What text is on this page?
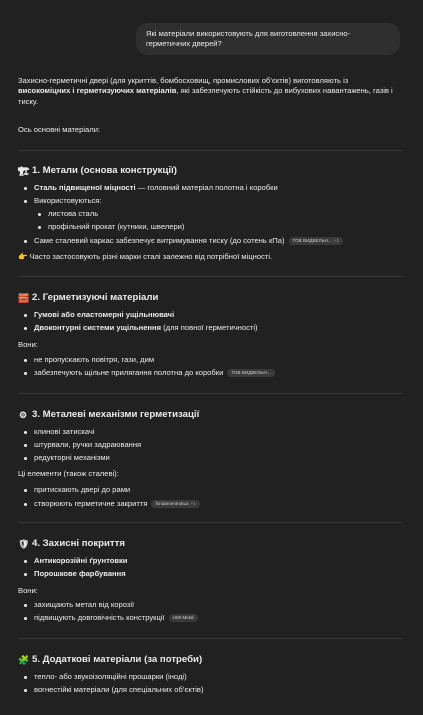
Які матеріали використовують для виготовлення захисно-герметичних дверей?
Захисно-герметичні двері (для укриттів, бомбосховищ, промислових об’єктів) виготовляють із високоміцних і герметизуючих матеріалів, які забезпечують стійкість до вибухових навантажень, газів і тиску.
Ось основні матеріали:
🏗 1. Метали (основа конструкції)
Сталь підвищеної міцності — головний матеріал полотна і коробки
Використовуються:
листова сталь
профільний прокат (кутники, швелери)
Саме сталевий каркас забезпечує витримування тиску (до сотень кПа) ТОВ ВИДВЕЛЬН... +1
👉 Часто застосовують різні марки сталі залежно від потрібної міцності.
🧱 2. Герметизуючі матеріали
Гумові або еластомерні ущільнювачі
Двоконтурні системи ущільнення (для повної герметичності)
Вони:
не пропускають повітря, гази, дим
забезпечують щільне прилягання полотна до коробки ТОВ ВИДВЕЛЬН...
⚙ 3. Металеві механізми герметизації
клинові затискачі
штурвали, ручки задраювання
редукторні механізми
Ці елементи (також сталеві):
притискають двері до рами
створюють герметичне закриття fondamentrukua +1
🛡 4. Захисні покриття
Антикорозійні ґрунтовки
Порошкове фарбування
Вони:
захищають метал від корозії
підвищують довговічність конструкції UMI Metal
🧩 5. Додаткові матеріали (за потреби)
тепло- або звукоізоляційні прошарки (іноді)
вогнестійкі матеріали (для спеціальних об’єктів)
